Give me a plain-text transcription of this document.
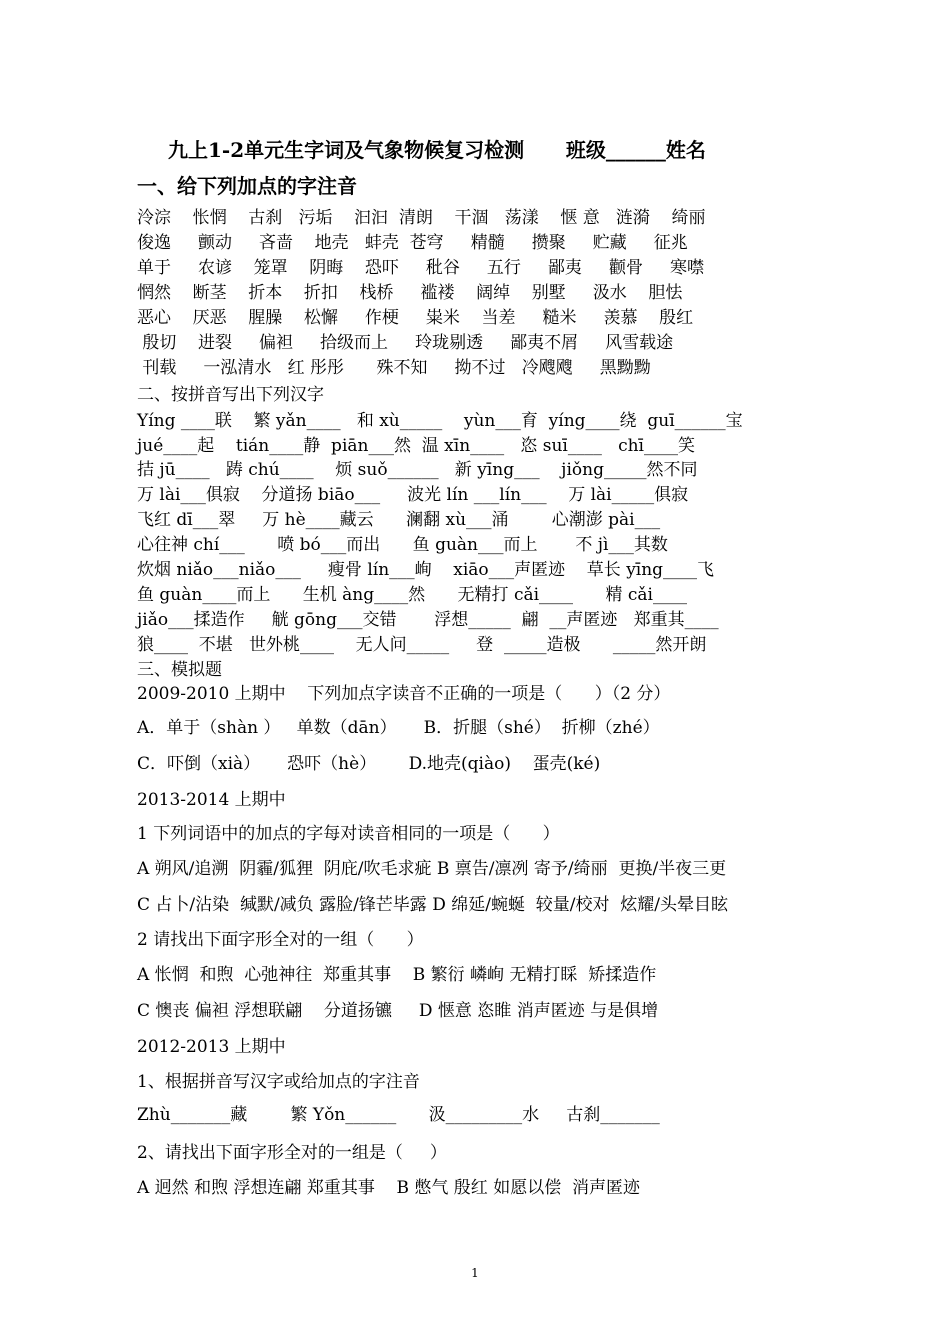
九上1-2单元生字词及气象物候复习检测      班级______姓名
一、给下列加点的字注音
泠淙    怅惘    古刹   污垢    汩汩  清朗    干涸   荡漾    惬 意   涟漪    绮丽
俊逸     颤动     吝啬    地壳   蚌壳  苍穹     精髓     攒聚     贮藏     征兆
单于     农谚    笼罩    阴晦    恐吓     秕谷     五行     鄙夷     颧骨     寒噤
惘然    断茎    折本    折扣    栈桥     褴褛    阔绰    别墅     汲水    胆怯
恶心    厌恶    腥臊    松懈     作梗     粜米    当差     糙米     羡慕    殷红
殷切    进裂     偏袒     拾级而上     玲珑剔透     鄙夷不屑     风雪载途
刊载     一泓清水   红 彤彤      殊不知     拗不过   冷飕飕     黑黝黝
二、按拼音写出下列汉字
Yíng ____联    繁 yǎn____   和 xù_____    yùn___育  yíng____绕  guī______宝
jué____起    tián____静  piān___然  温 xīn____   恣 suī____   chī____笑
拮 jū____   踌 chú____    烦 suǒ______   新 yīng___    jiǒng_____然不同
万 lài___俱寂    分道扬 biāo___     波光 lín ___lín___    万 lài_____俱寂
飞红 dī___翠     万 hè____藏云      澜翻 xù___涌        心潮澎 pài___
心往神 chí___      喷 bó___而出      鱼 guàn___而上       不 jì___其数
炊烟 niǎo___niǎo___     瘦骨 lín___峋    xiāo___声匿迹    草长 yīng____飞
鱼 guàn____而上      生机 àng____然      无精打 cǎi____      精 cǎi____
jiǎo___揉造作     觥 gōng___交错       浮想_____  翩  __声匿迹   郑重其____
狼____  不堪   世外桃____    无人问_____     登  _____造极      _____然开朗
三、模拟题
2009-2010 上期中    下列加点字读音不正确的一项是（      ）（2 分）
A．单于（shàn ）   单数（dān）     B．折腿（shé）  折柳（zhé）
C．吓倒（xià）     恐吓（hè）      D.地壳(qiào)    蛋壳(ké)
2013-2014 上期中
1 下列词语中的加点的字每对读音相同的一项是（      ）
A 朔风/追溯  阴霾/狐狸  阴庇/吹毛求疵 B 禀告/凛冽 寄予/绮丽  更换/半夜三更
C 占卜/沾染  缄默/减负 露脸/锋芒毕露 D 绵延/蜿蜒  较量/校对  炫耀/头晕目眩
2 请找出下面字形全对的一组（      ）
A 怅惘  和煦  心弛神往  郑重其事    B 繁衍 嶙峋 无精打睬  矫揉造作
C 懊丧 偏袒 浮想联翩    分道扬镳     D 惬意 恣睢 消声匿迹 与是俱增
2012-2013 上期中
1、根据拼音写汉字或给加点的字注音
Zhù_______藏        繁 Yǒn______      汲_________水     古刹_______
2、请找出下面字形全对的一组是（     ）
A 迥然 和煦 浮想连翩 郑重其事    B 憋气 殷红 如愿以偿  消声匿迹
1
